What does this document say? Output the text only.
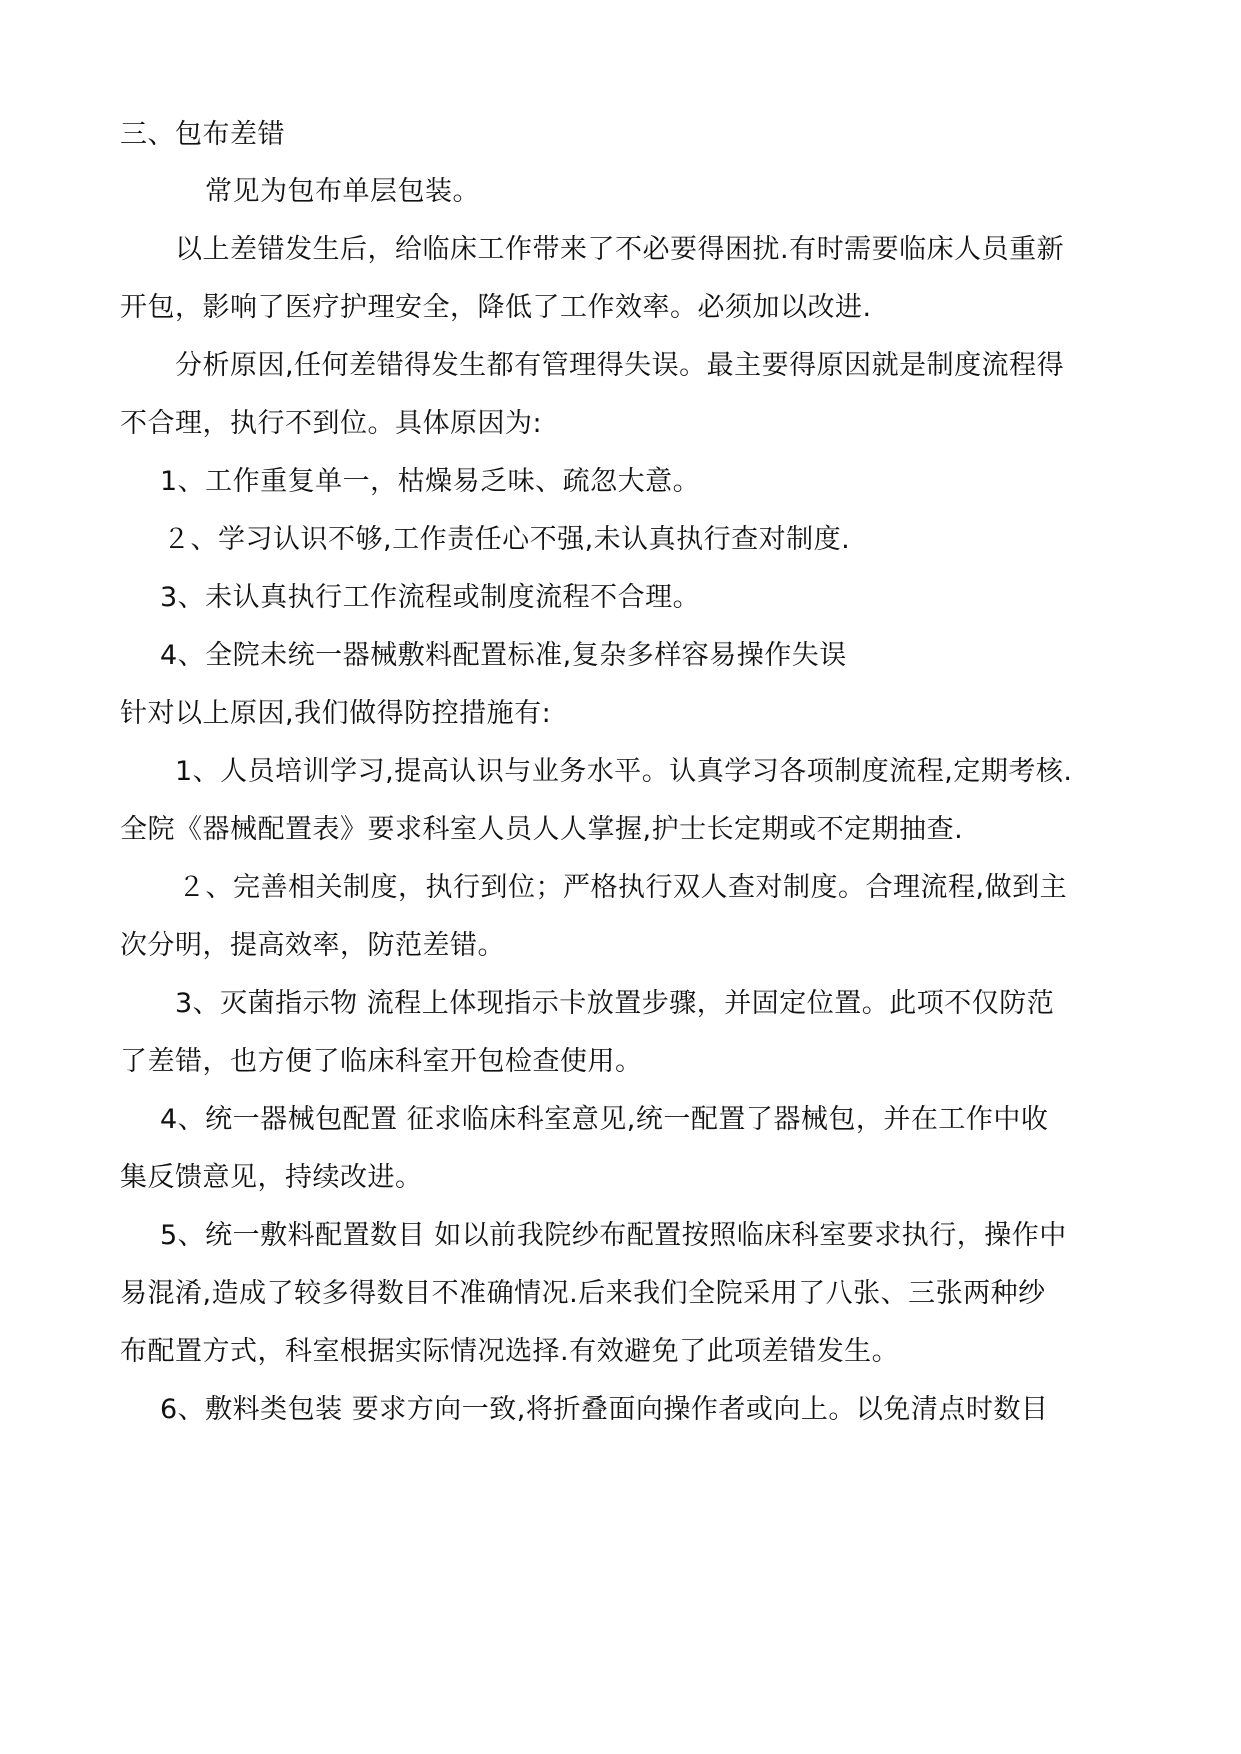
三、包布差错

常见为包布单层包装。

以上差错发生后，给临床工作带来了不必要得困扰.有时需要临床人员重新

开包，影响了医疗护理安全，降低了工作效率。必须加以改进.

分析原因,任何差错得发生都有管理得失误。最主要得原因就是制度流程得

不合理，执行不到位。具体原因为:

1、工作重复单一，枯燥易乏味、疏忽大意。

２、学习认识不够,工作责任心不强,未认真执行查对制度.

3、未认真执行工作流程或制度流程不合理。

4、全院未统一器械敷料配置标准,复杂多样容易操作失误

针对以上原因,我们做得防控措施有:

1、人员培训学习,提高认识与业务水平。认真学习各项制度流程,定期考核.

全院《器械配置表》要求科室人员人人掌握,护士长定期或不定期抽查.

２、完善相关制度，执行到位；严格执行双人查对制度。合理流程,做到主

次分明，提高效率，防范差错。

3、灭菌指示物 流程上体现指示卡放置步骤，并固定位置。此项不仅防范

了差错，也方便了临床科室开包检查使用。

4、统一器械包配置 征求临床科室意见,统一配置了器械包，并在工作中收

集反馈意见，持续改进。

5、统一敷料配置数目 如以前我院纱布配置按照临床科室要求执行，操作中

易混淆,造成了较多得数目不准确情况.后来我们全院采用了八张、三张两种纱

布配置方式，科室根据实际情况选择.有效避免了此项差错发生。

6、敷料类包装 要求方向一致,将折叠面向操作者或向上。以免清点时数目
